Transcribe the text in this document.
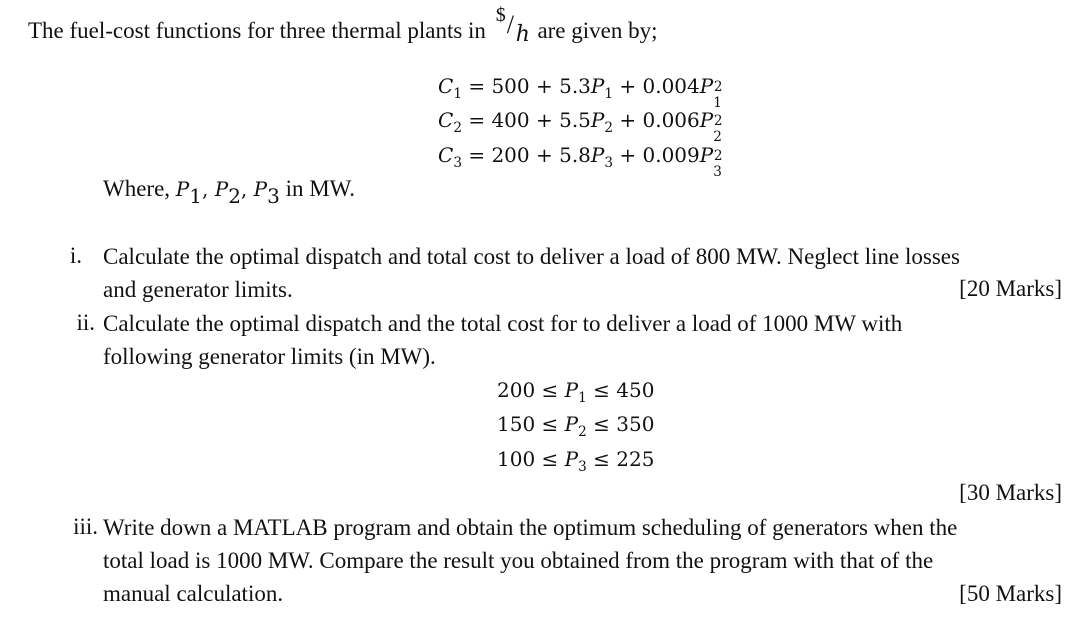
The fuel-cost functions for three thermal plants in
$ / h are given by;
$C_1 = 500 + 5.3P_1 + 0.004P$ 2
1
$C_2 = 400 + 5.5P_2 + 0.006P$ 2
2
$C_3 = 200 + 5.8P_3 + 0.009P$ 2
3
Where, $P_1$, $P_2$, $P_3$ in MW.
i. Calculate the optimal dispatch and total cost to deliver a load of 800 MW. Neglect line losses
and generator limits.	[20 Marks]
ii. Calculate the optimal dispatch and the total cost for to deliver a load of 1000 MW with
following generator limits (in MW).
$200 \le P_1 \le 450$
$150 \le P_2 \le 350$
$100 \le P_3 \le 225$
[30 Marks]
iii. Write down a MATLAB program and obtain the optimum scheduling of generators when the
total load is 1000 MW. Compare the result you obtained from the program with that of the
manual calculation.	[50 Marks]
